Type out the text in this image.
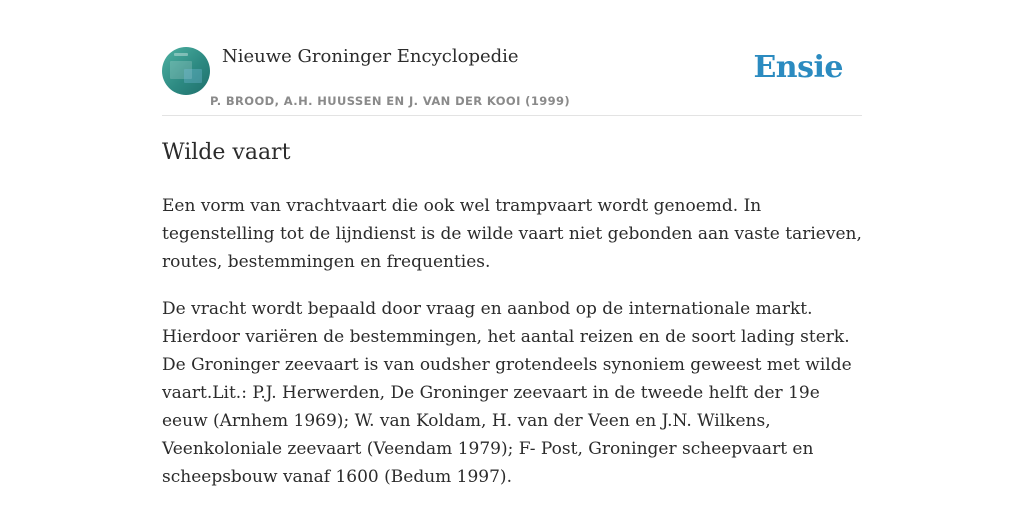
Nieuwe Groninger Encyclopedie
P. BROOD, A.H. HUUSSEN EN J. VAN DER KOOI (1999)
Ensie
Wilde vaart

Een vorm van vrachtvaart die ook wel trampvaart wordt genoemd. In tegenstelling tot de lijndienst is de wilde vaart niet gebonden aan vaste tarieven, routes, bestemmingen en frequenties.

De vracht wordt bepaald door vraag en aanbod op de internationale markt. Hierdoor variëren de bestemmingen, het aantal reizen en de soort lading sterk. De Groninger zeevaart is van oudsher grotendeels synoniem geweest met wilde vaart.Lit.: P.J. Herwerden, De Groninger zeevaart in de tweede helft der 19e eeuw (Arnhem 1969); W. van Koldam, H. van der Veen en J.N. Wilkens, Veenkoloniale zeevaart (Veendam 1979); F- Post, Groninger scheepvaart en scheepsbouw vanaf 1600 (Bedum 1997).
